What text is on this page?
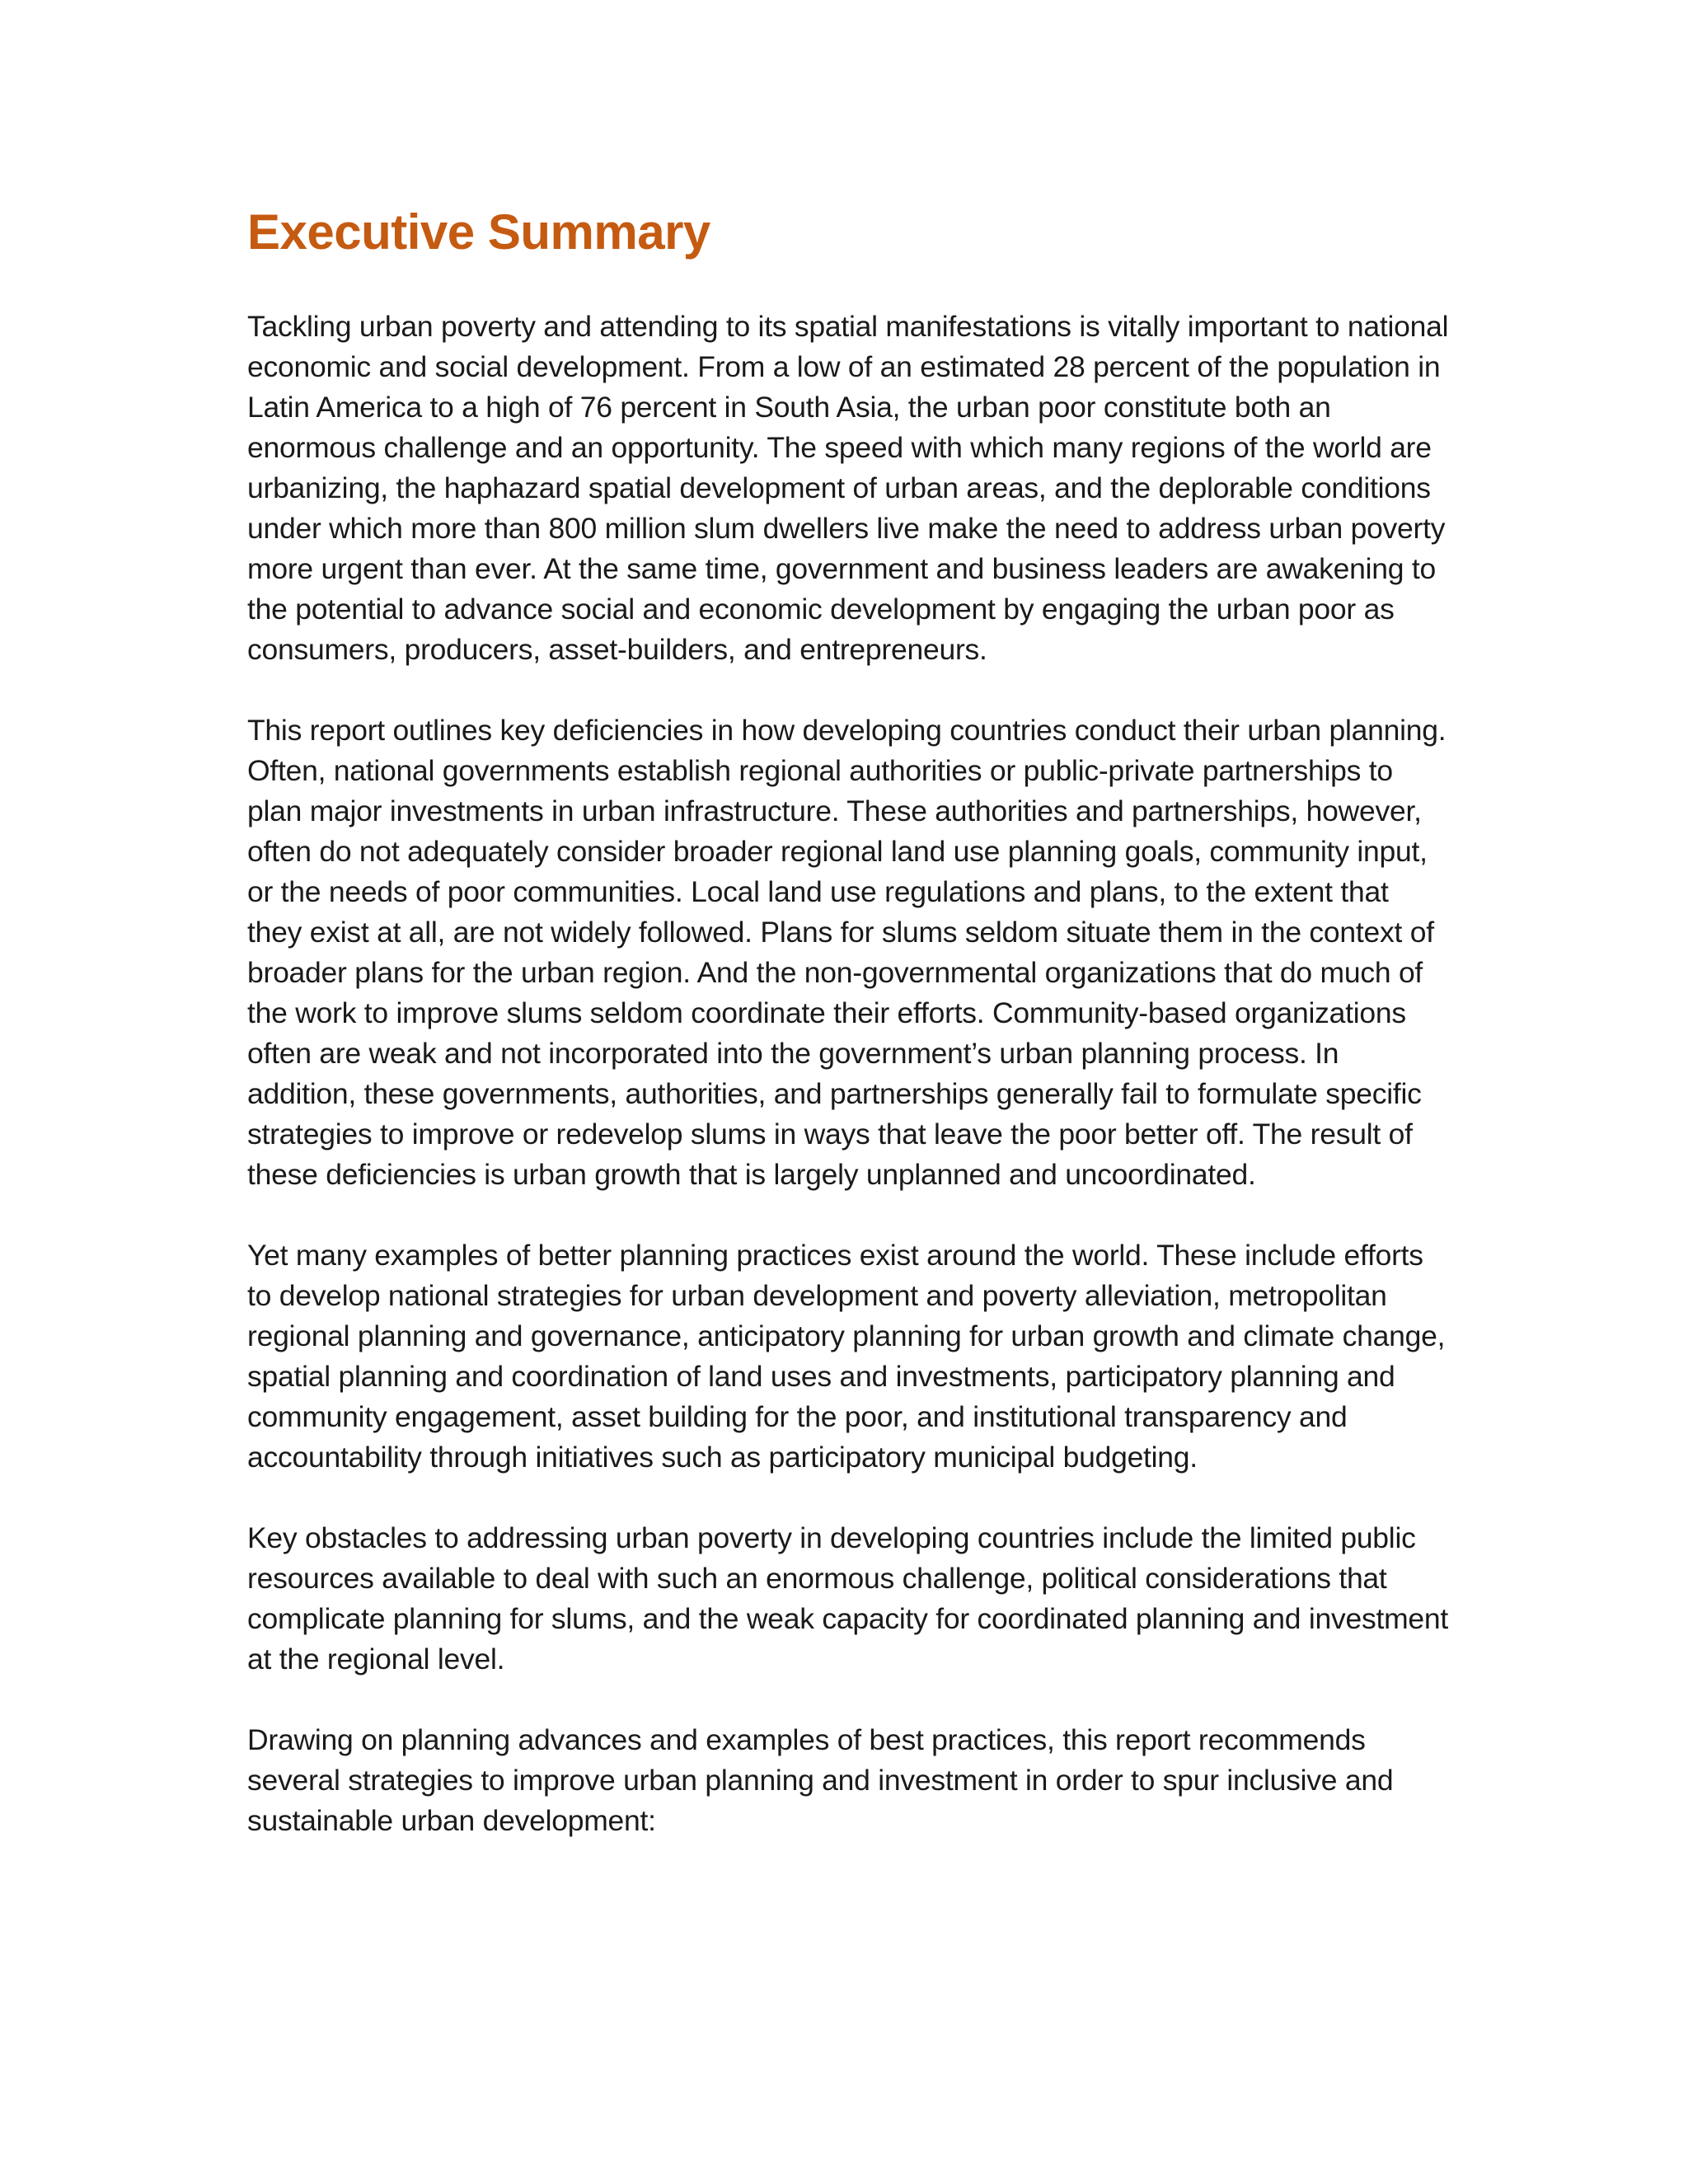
Executive Summary

Tackling urban poverty and attending to its spatial manifestations is vitally important to national economic and social development. From a low of an estimated 28 percent of the population in Latin America to a high of 76 percent in South Asia, the urban poor constitute both an enormous challenge and an opportunity. The speed with which many regions of the world are urbanizing, the haphazard spatial development of urban areas, and the deplorable conditions under which more than 800 million slum dwellers live make the need to address urban poverty more urgent than ever. At the same time, government and business leaders are awakening to the potential to advance social and economic development by engaging the urban poor as consumers, producers, asset-builders, and entrepreneurs.

This report outlines key deficiencies in how developing countries conduct their urban planning. Often, national governments establish regional authorities or public-private partnerships to plan major investments in urban infrastructure. These authorities and partnerships, however, often do not adequately consider broader regional land use planning goals, community input, or the needs of poor communities. Local land use regulations and plans, to the extent that they exist at all, are not widely followed. Plans for slums seldom situate them in the context of broader plans for the urban region. And the non-governmental organizations that do much of the work to improve slums seldom coordinate their efforts. Community-based organizations often are weak and not incorporated into the government’s urban planning process. In addition, these governments, authorities, and partnerships generally fail to formulate specific strategies to improve or redevelop slums in ways that leave the poor better off. The result of these deficiencies is urban growth that is largely unplanned and uncoordinated.

Yet many examples of better planning practices exist around the world. These include efforts to develop national strategies for urban development and poverty alleviation, metropolitan regional planning and governance, anticipatory planning for urban growth and climate change, spatial planning and coordination of land uses and investments, participatory planning and community engagement, asset building for the poor, and institutional transparency and accountability through initiatives such as participatory municipal budgeting.

Key obstacles to addressing urban poverty in developing countries include the limited public resources available to deal with such an enormous challenge, political considerations that complicate planning for slums, and the weak capacity for coordinated planning and investment at the regional level.

Drawing on planning advances and examples of best practices, this report recommends several strategies to improve urban planning and investment in order to spur inclusive and sustainable urban development:
